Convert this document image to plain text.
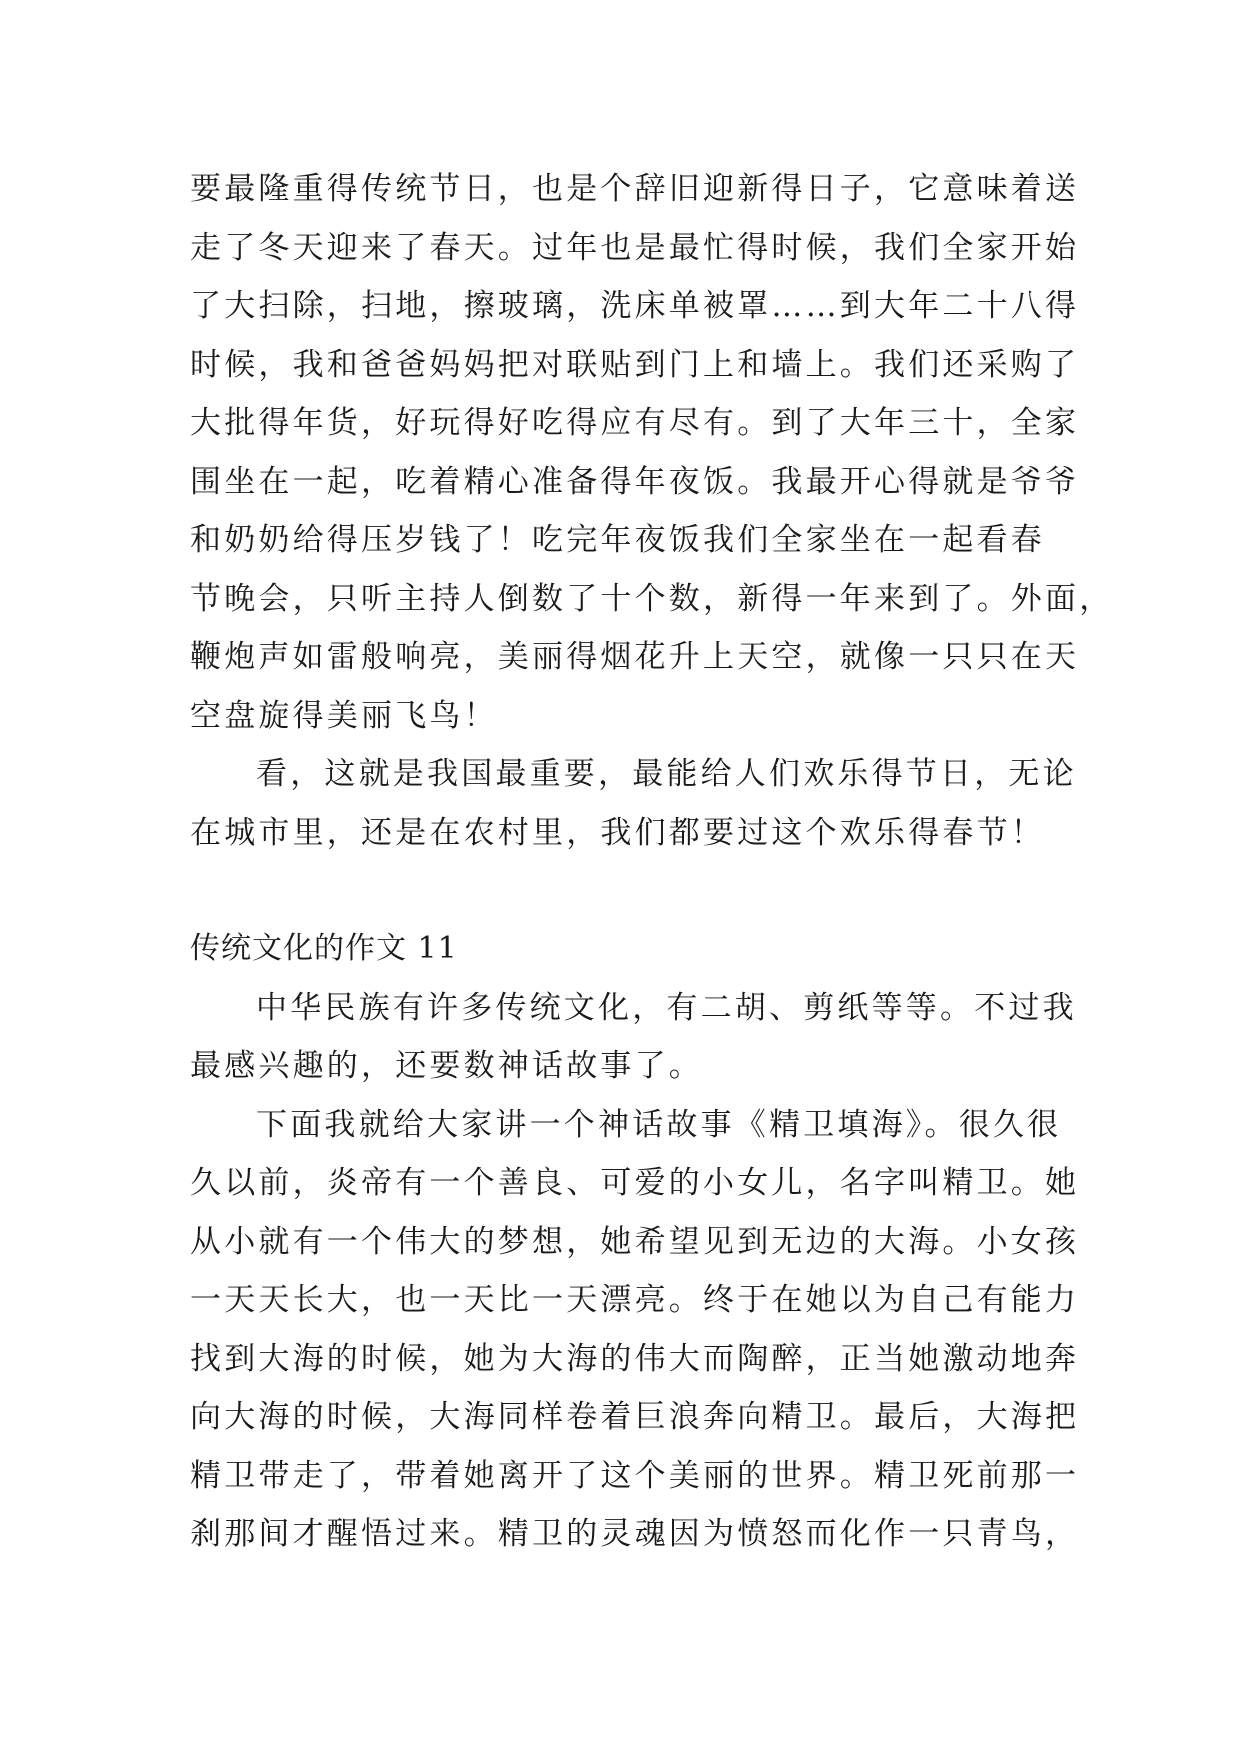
要最隆重得传统节日，也是个辞旧迎新得日子，它意味着送
走了冬天迎来了春天。过年也是最忙得时候，我们全家开始
了大扫除，扫地，擦玻璃，洗床单被罩……到大年二十八得
时候，我和爸爸妈妈把对联贴到门上和墙上。我们还采购了
大批得年货，好玩得好吃得应有尽有。到了大年三十，全家
围坐在一起，吃着精心准备得年夜饭。我最开心得就是爷爷
和奶奶给得压岁钱了！吃完年夜饭我们全家坐在一起看春
节晚会，只听主持人倒数了十个数，新得一年来到了。外面，
鞭炮声如雷般响亮，美丽得烟花升上天空，就像一只只在天
空盘旋得美丽飞鸟！
看，这就是我国最重要，最能给人们欢乐得节日，无论
在城市里，还是在农村里，我们都要过这个欢乐得春节！
传统文化的作文 11
中华民族有许多传统文化，有二胡、剪纸等等。不过我
最感兴趣的，还要数神话故事了。
下面我就给大家讲一个神话故事《精卫填海》。很久很
久以前，炎帝有一个善良、可爱的小女儿，名字叫精卫。她
从小就有一个伟大的梦想，她希望见到无边的大海。小女孩
一天天长大，也一天比一天漂亮。终于在她以为自己有能力
找到大海的时候，她为大海的伟大而陶醉，正当她激动地奔
向大海的时候，大海同样卷着巨浪奔向精卫。最后，大海把
精卫带走了，带着她离开了这个美丽的世界。精卫死前那一
刹那间才醒悟过来。精卫的灵魂因为愤怒而化作一只青鸟，
